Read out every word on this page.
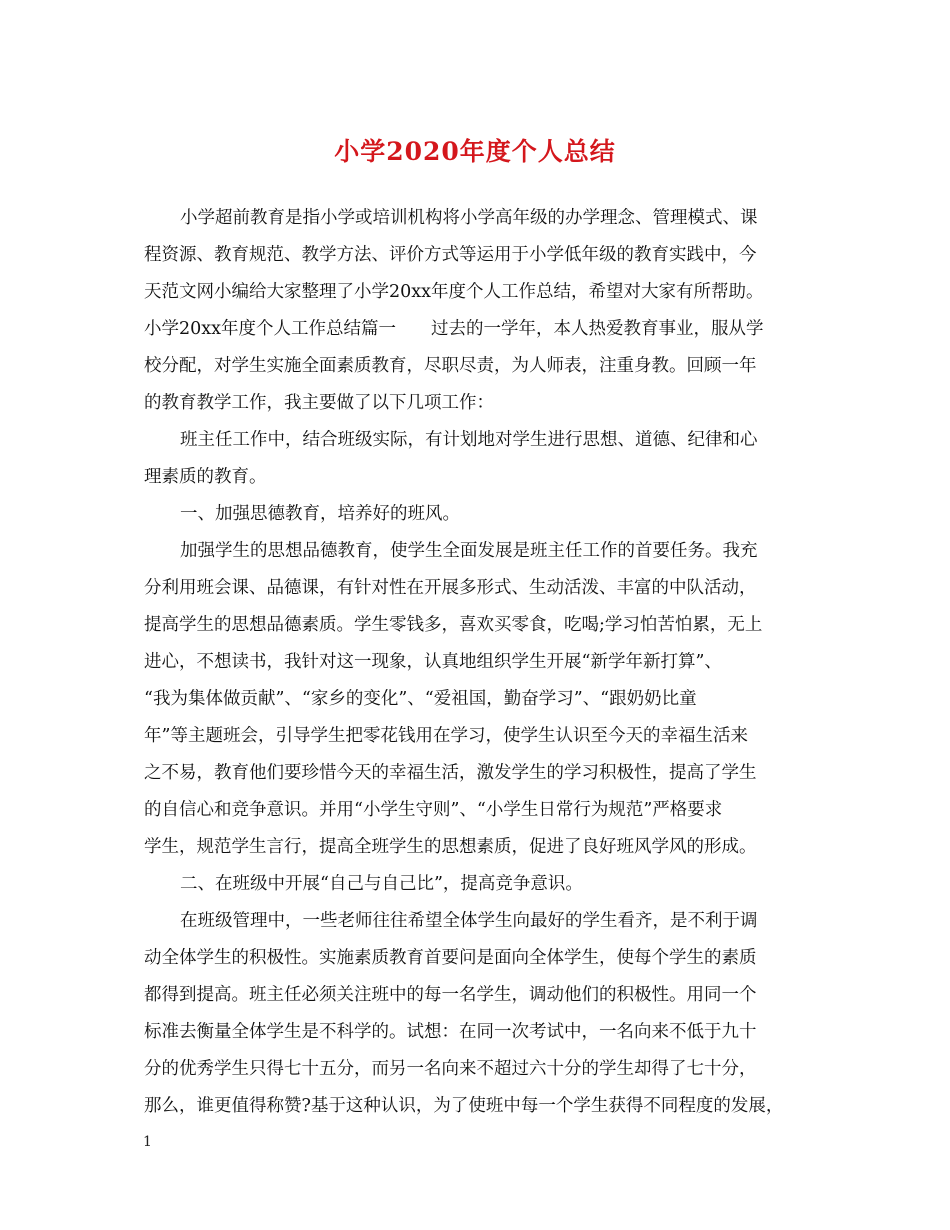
小学2020年度个人总结
小学超前教育是指小学或培训机构将小学高年级的办学理念、管理模式、课
程资源、教育规范、教学方法、评价方式等运用于小学低年级的教育实践中，今
天范文网小编给大家整理了小学20xx年度个人工作总结，希望对大家有所帮助。
小学20xx年度个人工作总结篇一　　过去的一学年，本人热爱教育事业，服从学
校分配，对学生实施全面素质教育，尽职尽责，为人师表，注重身教。回顾一年
的教育教学工作，我主要做了以下几项工作：
班主任工作中，结合班级实际，有计划地对学生进行思想、道德、纪律和心
理素质的教育。
一、加强思德教育，培养好的班风。
加强学生的思想品德教育，使学生全面发展是班主任工作的首要任务。我充
分利用班会课、品德课，有针对性在开展多形式、生动活泼、丰富的中队活动，
提高学生的思想品德素质。学生零钱多，喜欢买零食，吃喝;学习怕苦怕累，无上
进心，不想读书，我针对这一现象，认真地组织学生开展“新学年新打算”、
“我为集体做贡献”、“家乡的变化”、“爱祖国，勤奋学习”、“跟奶奶比童
年”等主题班会，引导学生把零花钱用在学习，使学生认识至今天的幸福生活来
之不易，教育他们要珍惜今天的幸福生活，激发学生的学习积极性，提高了学生
的自信心和竞争意识。并用“小学生守则”、“小学生日常行为规范”严格要求
学生，规范学生言行，提高全班学生的思想素质，促进了良好班风学风的形成。
二、在班级中开展“自己与自己比”，提高竞争意识。
在班级管理中，一些老师往往希望全体学生向最好的学生看齐，是不利于调
动全体学生的积极性。实施素质教育首要问是面向全体学生，使每个学生的素质
都得到提高。班主任必须关注班中的每一名学生，调动他们的积极性。用同一个
标准去衡量全体学生是不科学的。试想：在同一次考试中，一名向来不低于九十
分的优秀学生只得七十五分，而另一名向来不超过六十分的学生却得了七十分，
那么，谁更值得称赞?基于这种认识，为了使班中每一个学生获得不同程度的发展，
1
